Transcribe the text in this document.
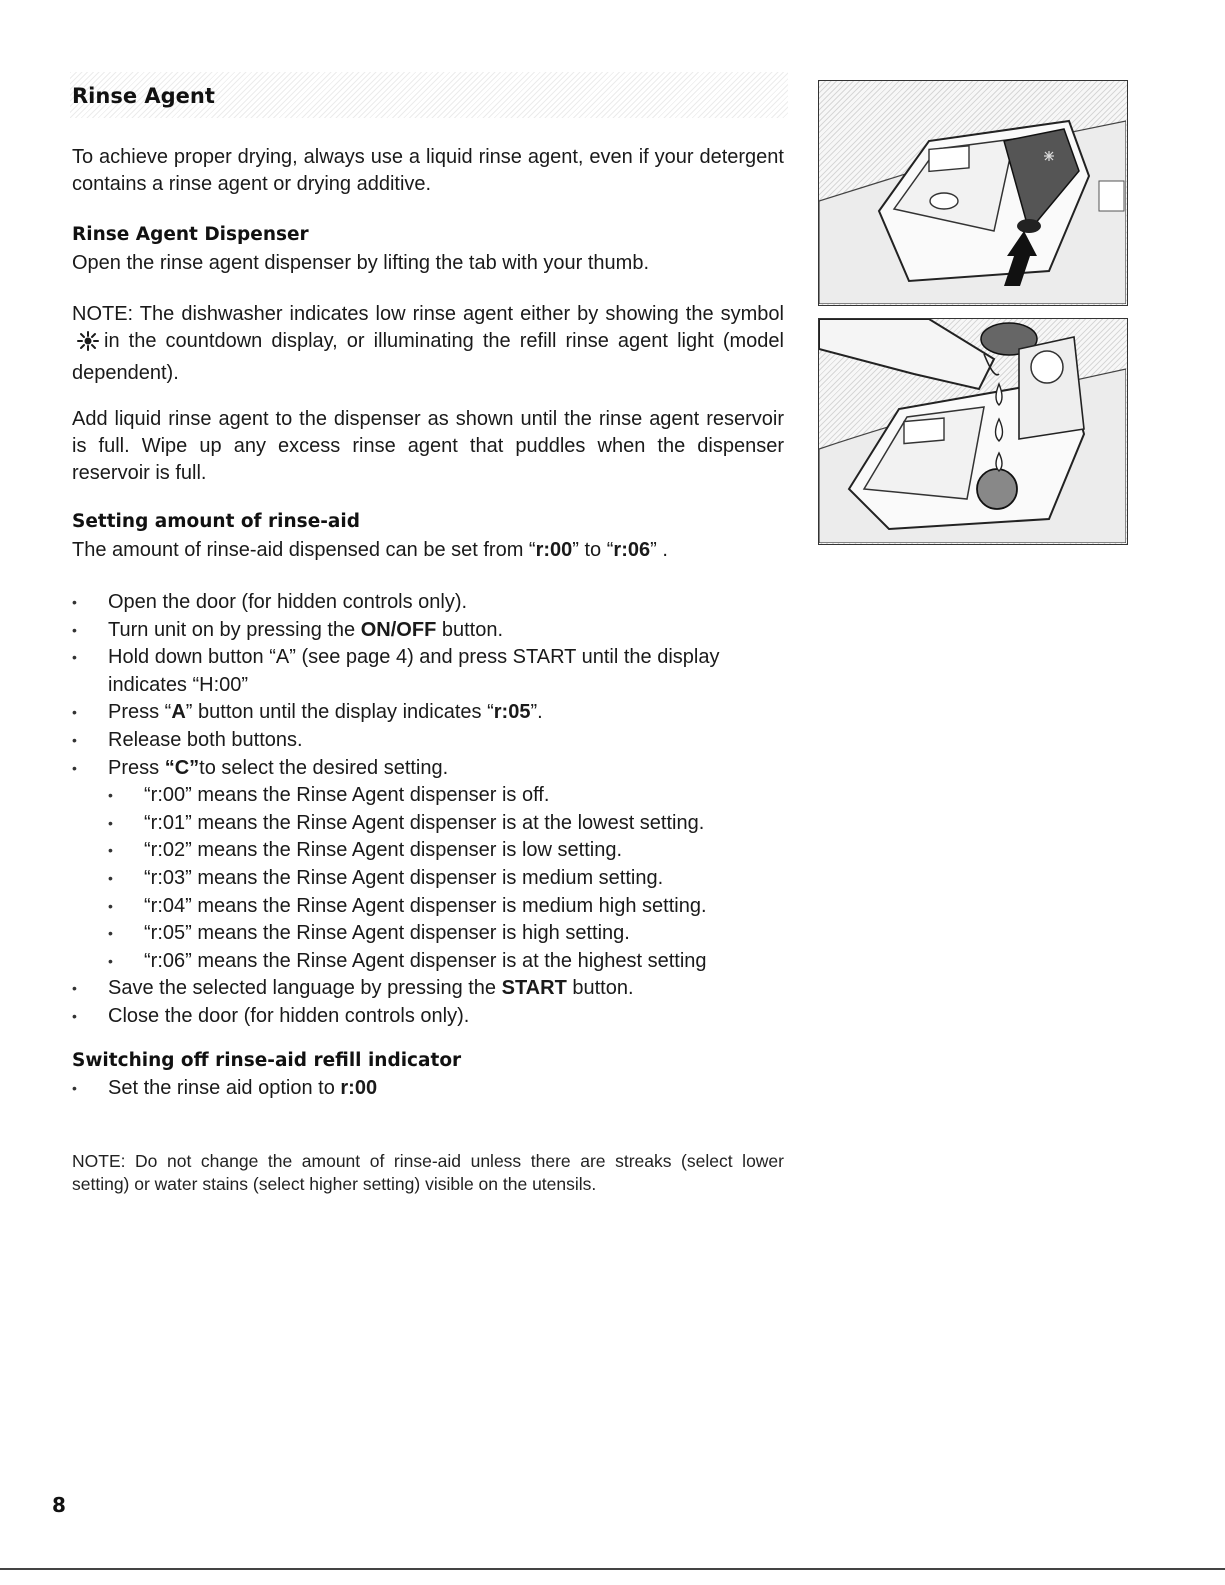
Rinse Agent

To achieve proper drying, always use a liquid rinse agent, even if your detergent contains a rinse agent or drying additive.

Rinse Agent Dispenser

Open the rinse agent dispenser by lifting the tab with your thumb.

NOTE: The dishwasher indicates low rinse agent either by showing the symbolin the countdown display, or illuminating the refill rinse agent light (model dependent).

Add liquid rinse agent to the dispenser as shown until the rinse agent reservoir is full. Wipe up any excess rinse agent that puddles when the dispenser reservoir is full.

Setting amount of rinse-aid

The amount of rinse-aid dispensed can be set from “r:00” to “r:06” .

• Open the door (for hidden controls only).
• Turn unit on by pressing the ON/OFF button.
• Hold down button “A” (see page 4) and press START until the display indicates “H:00”
• Press “A” button until the display indicates “r:05”.
• Release both buttons.
• Press “C”to select the desired setting.
• “r:00” means the Rinse Agent dispenser is off.
• “r:01” means the Rinse Agent dispenser is at the lowest setting.
• “r:02” means the Rinse Agent dispenser is low setting.
• “r:03” means the Rinse Agent dispenser is medium setting.
• “r:04” means the Rinse Agent dispenser is medium high setting.
• “r:05” means the Rinse Agent dispenser is high setting.
• “r:06” means the Rinse Agent dispenser is at the highest setting
• Save the selected language by pressing the START button.
• Close the door (for hidden controls only).
Switching off rinse-aid refill indicator
• Set the rinse aid option to r:00

NOTE: Do not change the amount of rinse-aid unless there are streaks (select lower setting) or water stains (select higher setting) visible on the utensils.

8
